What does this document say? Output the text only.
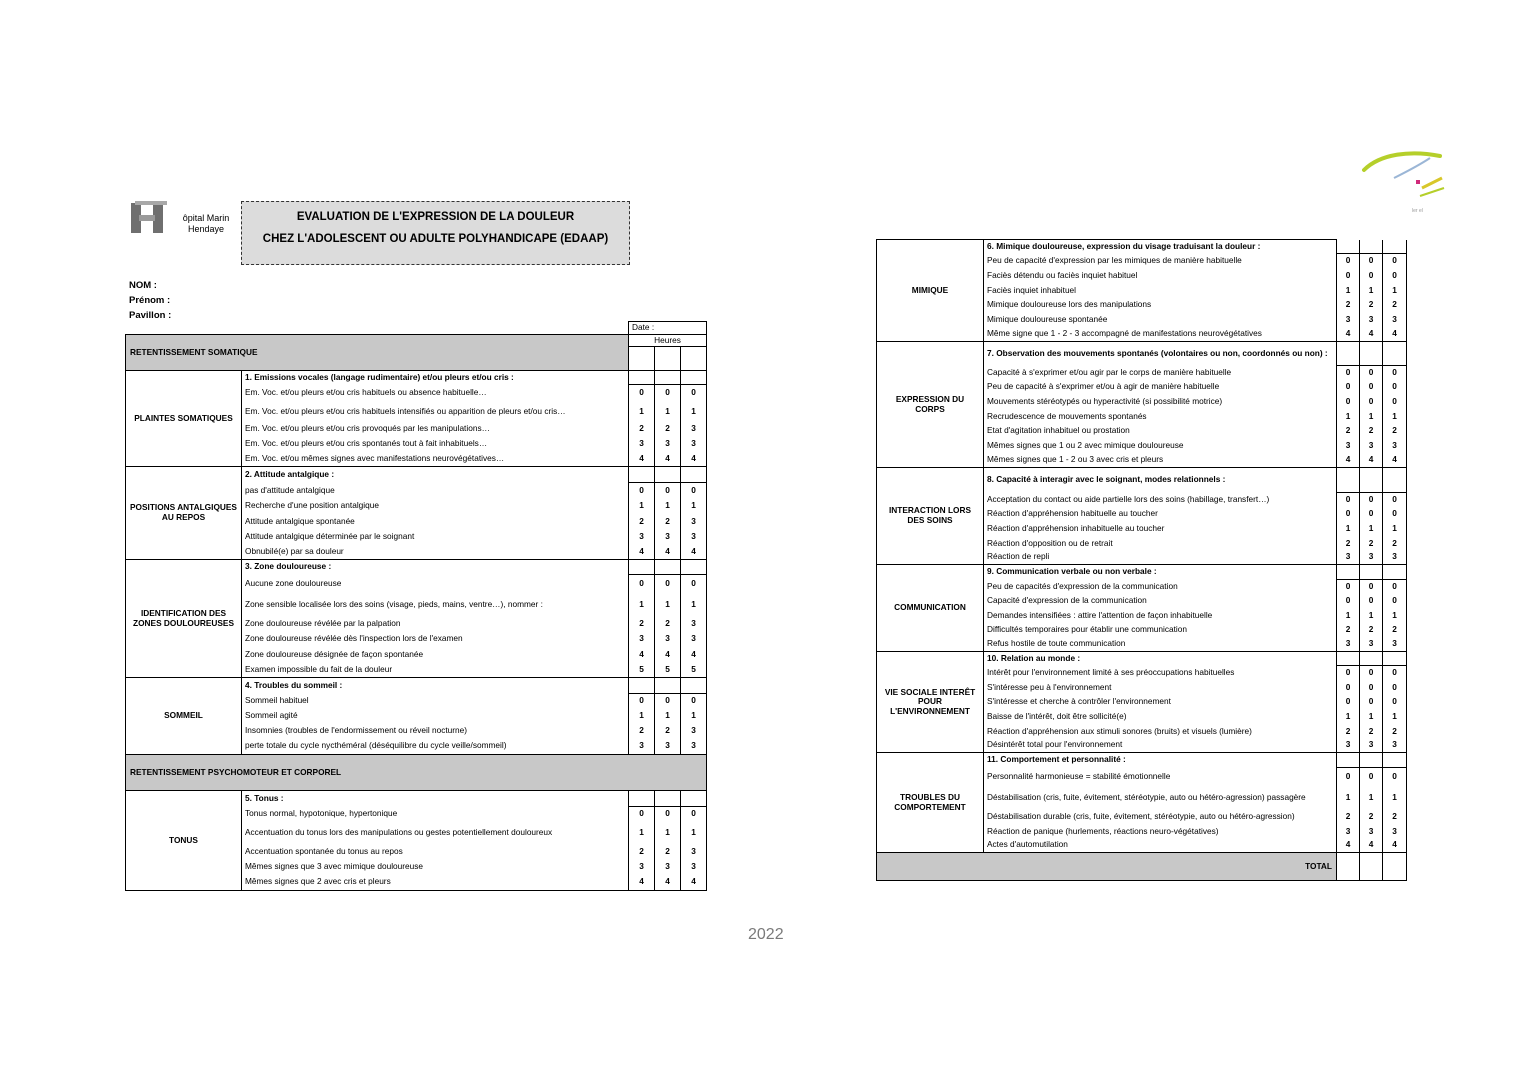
ôpital Marin Hendaye
ler el
EVALUATION DE L'EXPRESSION DE LA DOULEUR
CHEZ L'ADOLESCENT OU ADULTE POLYHANDICAPE (EDAAP)
NOM :
Prénom :
Pavillon :
		Date :		
RETENTISSEMENT SOMATIQUE		Heures		

PLAINTES SOMATIQUES	1. Emissions vocales (langage rudimentaire) et/ou pleurs et/ou cris :			
	Em. Voc. et/ou pleurs et/ou cris habituels ou absence habituelle…	0	0	0
	Em. Voc. et/ou pleurs et/ou cris habituels intensifiés ou apparition de pleurs et/ou cris…	1	1	1
	Em. Voc. et/ou pleurs et/ou cris provoqués par les manipulations…	2	2	3
	Em. Voc. et/ou pleurs et/ou cris spontanés tout à fait inhabituels…	3	3	3
	Em. Voc. et/ou mêmes signes avec manifestations neurovégétatives…	4	4	4
POSITIONS ANTALGIQUES AU REPOS	2. Attitude antalgique :			
	pas d'attitude antalgique	0	0	0
	Recherche d'une position antalgique	1	1	1
	Attitude antalgique spontanée	2	2	3
	Attitude antalgique déterminée par le soignant	3	3	3
	Obnubilé(e) par sa douleur	4	4	4
IDENTIFICATION DES ZONES DOULOUREUSES	3. Zone douloureuse :			
	Aucune zone douloureuse	0	0	0
	Zone sensible localisée lors des soins (visage, pieds, mains, ventre…), nommer :	1	1	1
	Zone douloureuse révélée par la palpation	2	2	3
	Zone douloureuse révélée dès l'inspection lors de l'examen	3	3	3
	Zone douloureuse désignée de façon spontanée	4	4	4
	Examen impossible du fait de la douleur	5	5	5
SOMMEIL	4. Troubles du sommeil :			
	Sommeil habituel	0	0	0
	Sommeil agité	1	1	1
	Insomnies (troubles de l'endormissement ou réveil nocturne)	2	2	3
	perte totale du cycle nycthéméral (déséquilibre du cycle veille/sommeil)	3	3	3
RETENTISSEMENT PSYCHOMOTEUR ET CORPOREL				
TONUS	5. Tonus :			
	Tonus normal, hypotonique, hypertonique	0	0	0
	Accentuation du tonus lors des manipulations ou gestes potentiellement douloureux	1	1	1
	Accentuation spontanée du tonus au repos	2	2	3
	Mêmes signes que 3 avec mimique douloureuse	3	3	3
	Mêmes signes que 2 avec cris et pleurs	4	4	4
MIMIQUE	6. Mimique douloureuse, expression du visage traduisant la douleur :			
	Peu de capacité d'expression par les mimiques de manière habituelle	0	0	0
	Faciès détendu ou faciès inquiet habituel	0	0	0
	Faciès inquiet inhabituel	1	1	1
	Mimique douloureuse lors des manipulations	2	2	2
	Mimique douloureuse spontanée	3	3	3
	Même signe que 1 - 2 - 3 accompagné de manifestations neurovégétatives	4	4	4
EXPRESSION DU CORPS	7. Observation des mouvements spontanés (volontaires ou non, coordonnés ou non) :			
	Capacité à s'exprimer et/ou agir par le corps de manière habituelle	0	0	0
	Peu de capacité à s'exprimer et/ou à agir de manière habituelle	0	0	0
	Mouvements stéréotypés ou hyperactivité (si possibilité motrice)	0	0	0
	Recrudescence de mouvements spontanés	1	1	1
	Etat d'agitation inhabituel ou prostation	2	2	2
	Mêmes signes que 1 ou 2 avec mimique douloureuse	3	3	3
	Mêmes signes que 1 - 2 ou 3 avec cris et pleurs	4	4	4
INTERACTION LORS DES SOINS	8. Capacité à interagir avec le soignant, modes relationnels :			
	Acceptation du contact ou aide partielle lors des soins (habillage, transfert…)	0	0	0
	Réaction d'appréhension habituelle au toucher	0	0	0
	Réaction d'appréhension inhabituelle au toucher	1	1	1
	Réaction d'opposition ou de retrait	2	2	2
	Réaction de repli	3	3	3
COMMUNICATION	9. Communication verbale ou non verbale :			
	Peu de capacités d'expression de la communication	0	0	0
	Capacité d'expression de la communication	0	0	0
	Demandes intensifiées : attire l'attention de façon inhabituelle	1	1	1
	Difficultés temporaires pour établir une communication	2	2	2
	Refus hostile de toute communication	3	3	3
VIE SOCIALE INTERÊT POUR L'ENVIRONNEMENT	10. Relation au monde :			
	Intérêt pour l'environnement limité à ses préoccupations habituelles	0	0	0
	S'intéresse peu à l'environnement	0	0	0
	S'intéresse et cherche à contrôler l'environnement	0	0	0
	Baisse de l'intérêt, doit être sollicité(e)	1	1	1
	Réaction d'appréhension aux stimuli sonores (bruits) et visuels (lumière)	2	2	2
	Désintérêt total pour l'environnement	3	3	3
TROUBLES DU COMPORTEMENT	11. Comportement et personnalité :			
	Personnalité harmonieuse = stabilité émotionnelle	0	0	0
	Déstabilisation (cris, fuite, évitement, stéréotypie, auto ou hétéro-agression) passagère	1	1	1
	Déstabilisation durable (cris, fuite, évitement, stéréotypie, auto ou hétéro-agression)	2	2	2
	Réaction de panique (hurlements, réactions neuro-végétatives)	3	3	3
	Actes d'automutilation	4	4	4
TOTAL				
2022
